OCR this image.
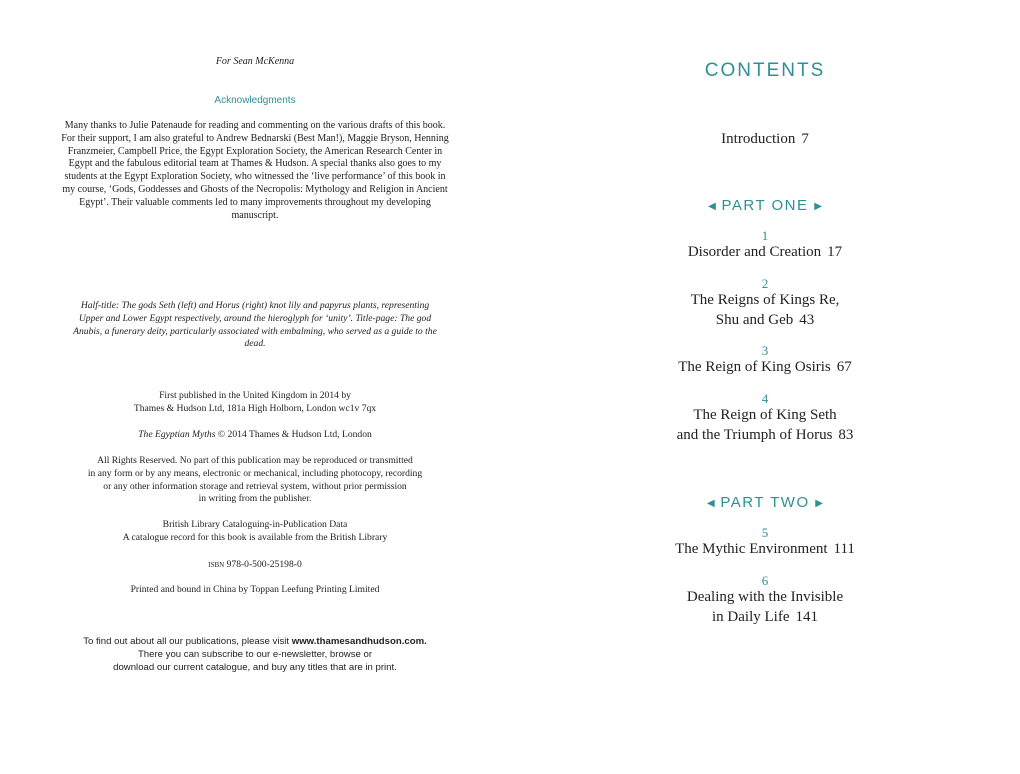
For Sean McKenna
Acknowledgments
Many thanks to Julie Patenaude for reading and commenting on the various drafts of this book. For their support, I am also grateful to Andrew Bednarski (Best Man!), Maggie Bryson, Henning Franzmeier, Campbell Price, the Egypt Exploration Society, the American Research Center in Egypt and the fabulous editorial team at Thames & Hudson. A special thanks also goes to my students at the Egypt Exploration Society, who witnessed the ‘live performance’ of this book in my course, ‘Gods, Goddesses and Ghosts of the Necropolis: Mythology and Religion in Ancient Egypt’. Their valuable comments led to many improvements throughout my developing manuscript.
Half-title: The gods Seth (left) and Horus (right) knot lily and papyrus plants, representing Upper and Lower Egypt respectively, around the hieroglyph for ‘unity’. Title-page: The god Anubis, a funerary deity, particularly associated with embalming, who served as a guide to the dead.
First published in the United Kingdom in 2014 by
Thames & Hudson Ltd, 181a High Holborn, London wc1v 7qx
The Egyptian Myths © 2014 Thames & Hudson Ltd, London
All Rights Reserved. No part of this publication may be reproduced or transmitted
in any form or by any means, electronic or mechanical, including photocopy, recording
or any other information storage and retrieval system, without prior permission
in writing from the publisher.
British Library Cataloguing-in-Publication Data
A catalogue record for this book is available from the British Library
isbn 978-0-500-25198-0
Printed and bound in China by Toppan Leefung Printing Limited
To find out about all our publications, please visit www.thamesandhudson.com.
There you can subscribe to our e-newsletter, browse or
download our current catalogue, and buy any titles that are in print.
CONTENTS
Introduction 7
◀ PART ONE ▶
1
Disorder and Creation 17
2
The Reigns of Kings Re,
Shu and Geb 43
3
The Reign of King Osiris 67
4
The Reign of King Seth
and the Triumph of Horus 83
◀ PART TWO ▶
5
The Mythic Environment 111
6
Dealing with the Invisible
in Daily Life 141
